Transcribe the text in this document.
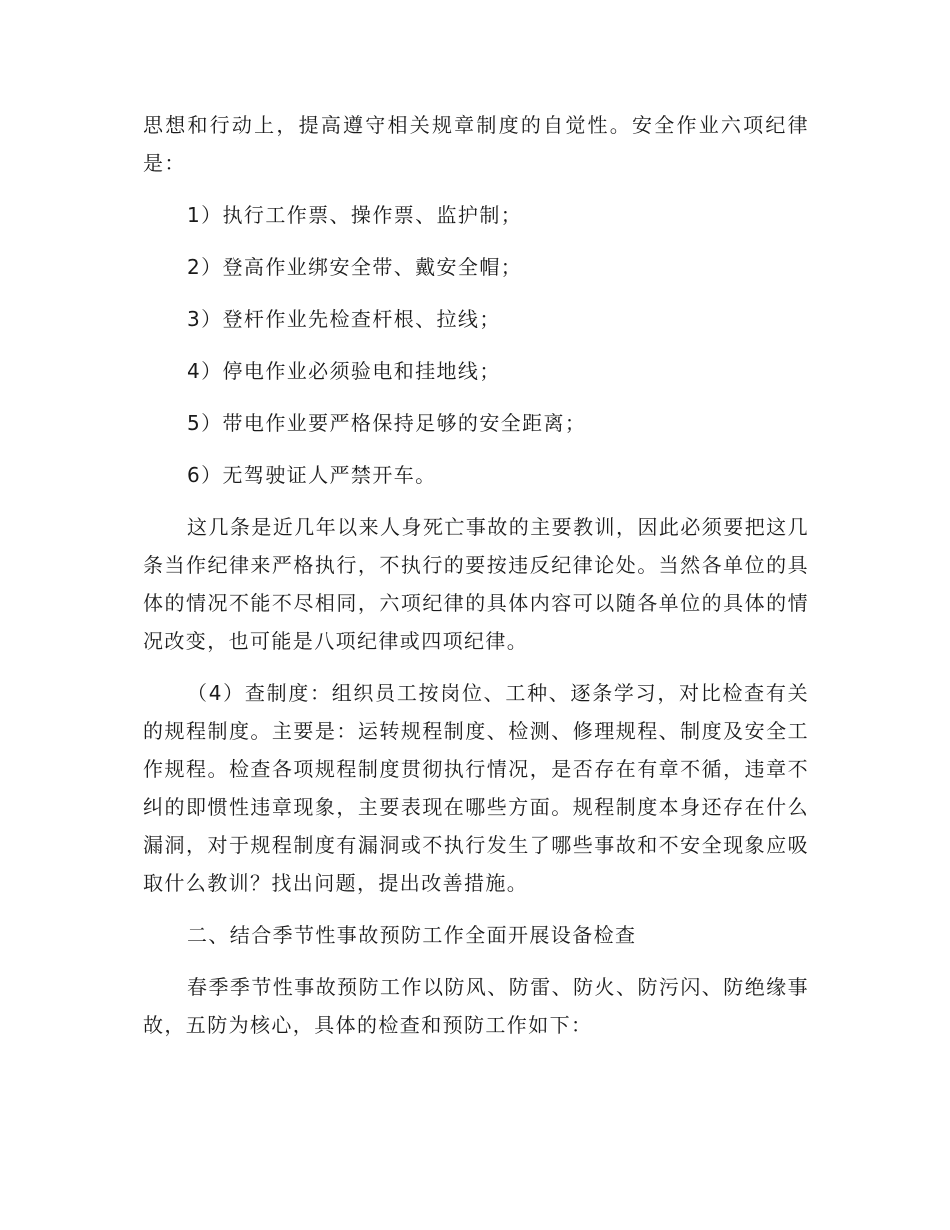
思想和行动上，提高遵守相关规章制度的自觉性。安全作业六项纪律是：

1）执行工作票、操作票、监护制；

2）登高作业绑安全带、戴安全帽；

3）登杆作业先检查杆根、拉线；

4）停电作业必须验电和挂地线；

5）带电作业要严格保持足够的安全距离；

6）无驾驶证人严禁开车。

这几条是近几年以来人身死亡事故的主要教训，因此必须要把这几条当作纪律来严格执行，不执行的要按违反纪律论处。当然各单位的具体的情况不能不尽相同，六项纪律的具体内容可以随各单位的具体的情况改变，也可能是八项纪律或四项纪律。

（4）查制度：组织员工按岗位、工种、逐条学习，对比检查有关的规程制度。主要是：运转规程制度、检测、修理规程、制度及安全工作规程。检查各项规程制度贯彻执行情况，是否存在有章不循，违章不纠的即惯性违章现象，主要表现在哪些方面。规程制度本身还存在什么漏洞，对于规程制度有漏洞或不执行发生了哪些事故和不安全现象应吸取什么教训？找出问题，提出改善措施。

二、结合季节性事故预防工作全面开展设备检查

春季季节性事故预防工作以防风、防雷、防火、防污闪、防绝缘事故，五防为核心，具体的检查和预防工作如下：
